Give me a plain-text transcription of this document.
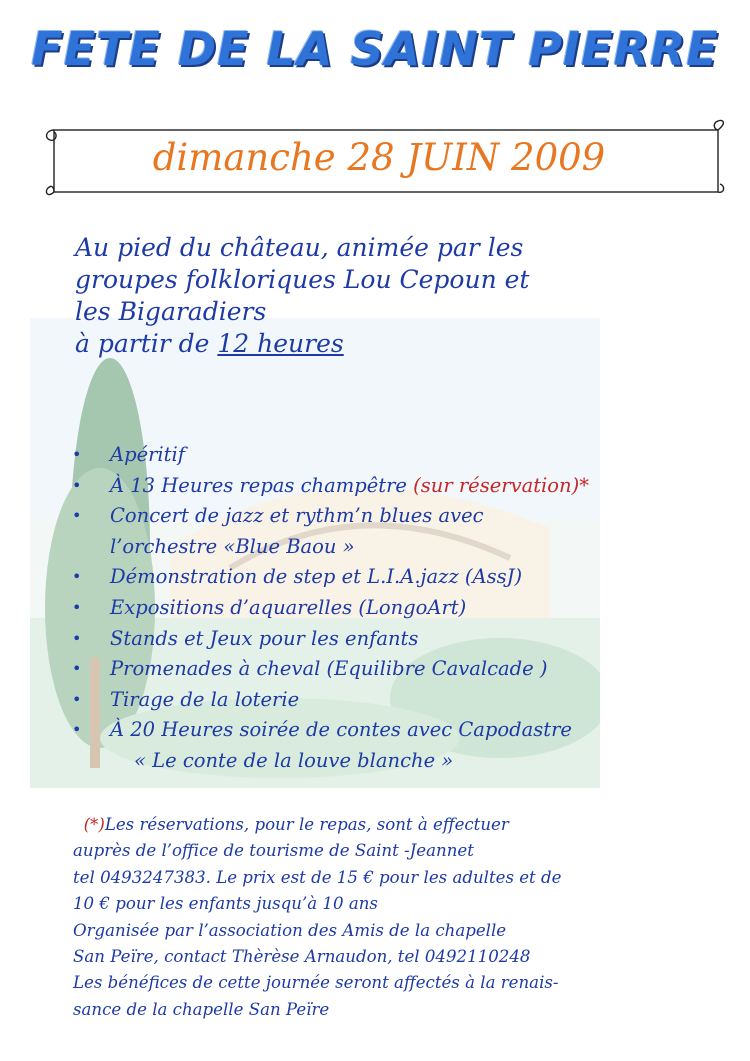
FETE DE LA SAINT PIERRE
dimanche 28 JUIN 2009
Au pied du château, animée par les
groupes folkloriques Lou Cepoun et
les Bigaradiers
à partir de 12 heures
• Apéritif
• À 13 Heures repas champêtre (sur réservation)*
• Concert de jazz et rythm’n blues avec
l’orchestre «Blue Baou »
• Démonstration de step et L.I.A.jazz (AssJ)
• Expositions d’aquarelles (LongoArt)
• Stands et Jeux pour les enfants
• Promenades à cheval (Equilibre Cavalcade )
• Tirage de la loterie
• À 20 Heures soirée de contes avec Capodastre
« Le conte de la louve blanche »
(*)Les réservations, pour le repas, sont à effectuer
auprès de l’office de tourisme de Saint -Jeannet
tel 0493247383. Le prix est de 15 € pour les adultes et de
10 € pour les enfants jusqu’à 10 ans
Organisée par l’association des Amis de la chapelle
San Peïre, contact Thèrèse Arnaudon, tel 0492110248
Les bénéfices de cette journée seront affectés à la renais-
sance de la chapelle San Peïre
